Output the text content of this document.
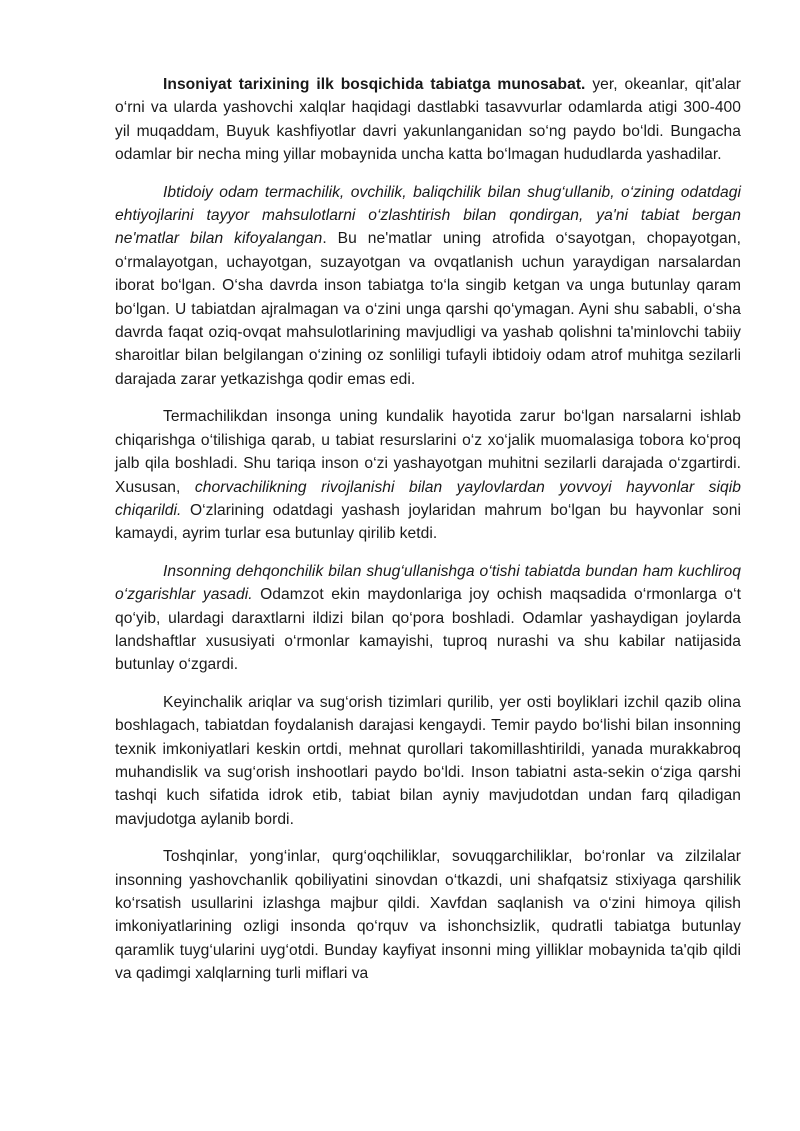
Insoniyat tarixining ilk bosqichida tabiatga munosabat. yer, okeanlar, qit'alar o‘rni va ularda yashovchi xalqlar haqidagi dastlabki tasavvurlar odamlarda atigi 300-400 yil muqaddam, Buyuk kashfiyotlar davri yakunlanganidan so‘ng paydo bo‘ldi. Bungacha odamlar bir necha ming yillar mobaynida uncha katta bo‘lmagan hududlarda yashadilar.

Ibtidoiy odam termachilik, ovchilik, baliqchilik bilan shug‘ullanib, o‘zining odatdagi ehtiyojlarini tayyor mahsulotlarni o‘zlashtirish bilan qondirgan, ya'ni tabiat bergan ne'matlar bilan kifoyalangan. Bu ne'matlar uning atrofida o‘sayotgan, chopayotgan, o‘rmalayotgan, uchayotgan, suzayotgan va ovqatlanish uchun yaraydigan narsalardan iborat bo‘lgan. O‘sha davrda inson tabiatga to‘la singib ketgan va unga butunlay qaram bo‘lgan. U tabiatdan ajralmagan va o‘zini unga qarshi qo‘ymagan. Ayni shu sababli, o‘sha davrda faqat oziq-ovqat mahsulotlarining mavjudligi va yashab qolishni ta'minlovchi tabiiy sharoitlar bilan belgilangan o‘zining oz sonliligi tufayli ibtidoiy odam atrof muhitga sezilarli darajada zarar yetkazishga qodir emas edi.

Termachilikdan insonga uning kundalik hayotida zarur bo‘lgan narsalarni ishlab chiqarishga o‘tilishiga qarab, u tabiat resurslarini o‘z xo‘jalik muomalasiga tobora ko‘proq jalb qila boshladi. Shu tariqa inson o‘zi yashayotgan muhitni sezilarli darajada o‘zgartirdi. Xususan, chorvachilikning rivojlanishi bilan yaylovlardan yovvoyi hayvonlar siqib chiqarildi. O‘zlarining odatdagi yashash joylaridan mahrum bo‘lgan bu hayvonlar soni kamaydi, ayrim turlar esa butunlay qirilib ketdi.

Insonning dehqonchilik bilan shug‘ullanishga o‘tishi tabiatda bundan ham kuchliroq o‘zgarishlar yasadi. Odamzot ekin maydonlariga joy ochish maqsadida o‘rmonlarga o‘t qo‘yib, ulardagi daraxtlarni ildizi bilan qo‘pora boshladi. Odamlar yashaydigan joylarda landshaftlar xususiyati o‘rmonlar kamayishi, tuproq nurashi va shu kabilar natijasida butunlay o‘zgardi.

Keyinchalik ariqlar va sug‘orish tizimlari qurilib, yer osti boyliklari izchil qazib olina boshlagach, tabiatdan foydalanish darajasi kengaydi. Temir paydo bo‘lishi bilan insonning texnik imkoniyatlari keskin ortdi, mehnat qurollari takomillashtirildi, yanada murakkabroq muhandislik va sug‘orish inshootlari paydo bo‘ldi. Inson tabiatni asta-sekin o‘ziga qarshi tashqi kuch sifatida idrok etib, tabiat bilan ayniy mavjudotdan undan farq qiladigan mavjudotga aylanib bordi.

Toshqinlar, yong‘inlar, qurg‘oqchiliklar, sovuqgarchiliklar, bo‘ronlar va zilzilalar insonning yashovchanlik qobiliyatini sinovdan o‘tkazdi, uni shafqatsiz stixiyaga qarshilik ko‘rsatish usullarini izlashga majbur qildi. Xavfdan saqlanish va o‘zini himoya qilish imkoniyatlarining ozligi insonda qo‘rquv va ishonchsizlik, qudratli tabiatga butunlay qaramlik tuyg‘ularini uyg‘otdi. Bunday kayfiyat insonni ming yilliklar mobaynida ta'qib qildi va qadimgi xalqlarning turli miflari va
